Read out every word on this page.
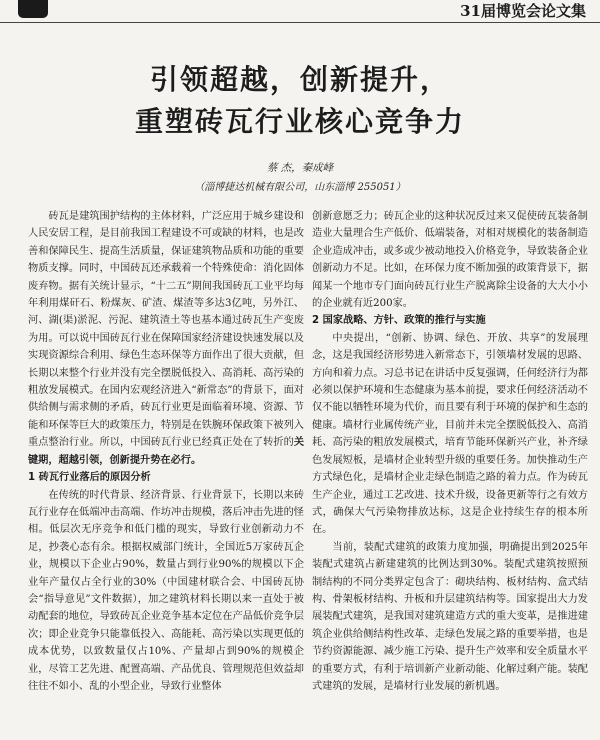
31届博览会论文集
引领超越，创新提升，
重塑砖瓦行业核心竞争力
蔡 杰，秦成峰
（淄博捷达机械有限公司，山东淄博 255051）

砖瓦是建筑围护结构的主体材料，广泛应用于城乡建设和人民安居工程，是目前我国工程建设不可或缺的材料，也是改善和保障民生、提高生活质量，保证建筑物品质和功能的重要物质支撑。同时，中国砖瓦还承载着一个特殊使命：消化固体废弃物。据有关统计显示，“十二五”期间我国砖瓦工业平均每年利用煤矸石、粉煤灰、矿渣、煤渣等多达3亿吨，另外江、河、湖(渠)淤泥、污泥、建筑渣土等也基本通过砖瓦生产变废为用。可以说中国砖瓦行业在保障国家经济建设快速发展以及实现资源综合利用、绿色生态环保等方面作出了很大贡献，但长期以来整个行业并没有完全摆脱低投入、高消耗、高污染的粗放发展模式。在国内宏观经济进入“新常态”的背景下，面对供给侧与需求侧的矛盾，砖瓦行业更是面临着环境、资源、节能和环保等巨大的政策压力，特别是在铁腕环保政策下被列入重点整治行业。所以，中国砖瓦行业已经真正处在了转折的关键期，超越引领，创新提升势在必行。

1 砖瓦行业落后的原因分析

在传统的时代背景、经济背景、行业背景下，长期以来砖瓦行业存在低端冲击高端、作坊冲击规模，落后冲击先进的怪相。低层次无序竞争和低门槛的现实，导致行业创新动力不足，抄袭心态有余。根据权威部门统计，全国近5万家砖瓦企业，规模以下企业占90%，数量占到行业90%的规模以下企业年产量仅占全行业的30%（中国建材联合会、中国砖瓦协会“指导意见”文件数据），加之建筑材料长期以来一直处于被动配套的地位，导致砖瓦企业竞争基本定位在产品低价竞争层次；即企业竞争只能靠低投入、高能耗、高污染以实现更低的成本优势，以致数量仅占10%、产量却占到90%的规模企业，尽管工艺先进、配置高端、产品优良、管理规范但效益却往往不如小、乱的小型企业，导致行业整体

创新意愿乏力；砖瓦企业的这种状况反过来又促使砖瓦装备制造业大量理合生产低价、低端装备，对相对规模化的装备制造企业造成冲击，或多或少被动地投入价格竞争，导致装备企业创新动力不足。比如，在环保力度不断加强的政策背景下，据闻某一个地市专门面向砖瓦行业生产脱离除尘设备的大大小小的企业就有近200家。

2 国家战略、方针、政策的推行与实施

中央提出，“创新、协调、绿色、开放、共享”的发展理念，这是我国经济形势进入新常态下，引领墙材发展的思路、方向和着力点。习总书记在讲话中反复强调，任何经济行为都必须以保护环境和生态健康为基本前提，要求任何经济活动不仅不能以牺牲环境为代价，而且要有利于环境的保护和生态的健康。墙材行业属传统产业，目前并未完全摆脱低投入、高消耗、高污染的粗放发展模式，培育节能环保新兴产业，补齐绿色发展短板，是墙材企业转型升级的重要任务。加快推动生产方式绿色化，是墙材企业走绿色制造之路的着力点。作为砖瓦生产企业，通过工艺改进、技术升级，设备更新等行之有效方式，确保大气污染物排放达标，这是企业持续生存的根本所在。

当前，装配式建筑的政策力度加强，明确提出到2025年装配式建筑占新建建筑的比例达到30%。装配式建筑按照预制结构的不同分类界定包含了：砌块结构、板材结构、盒式结构、骨架板材结构、升板和升层建筑结构等。国家提出大力发展装配式建筑，是我国对建筑建造方式的重大变革，是推进建筑企业供给侧结构性改革、走绿色发展之路的重要举措，也是节约资源能源、减少施工污染、提升生产效率和安全质量水平的重要方式，有利于培训新产业新动能、化解过剩产能。装配式建筑的发展，是墙材行业发展的新机遇。
